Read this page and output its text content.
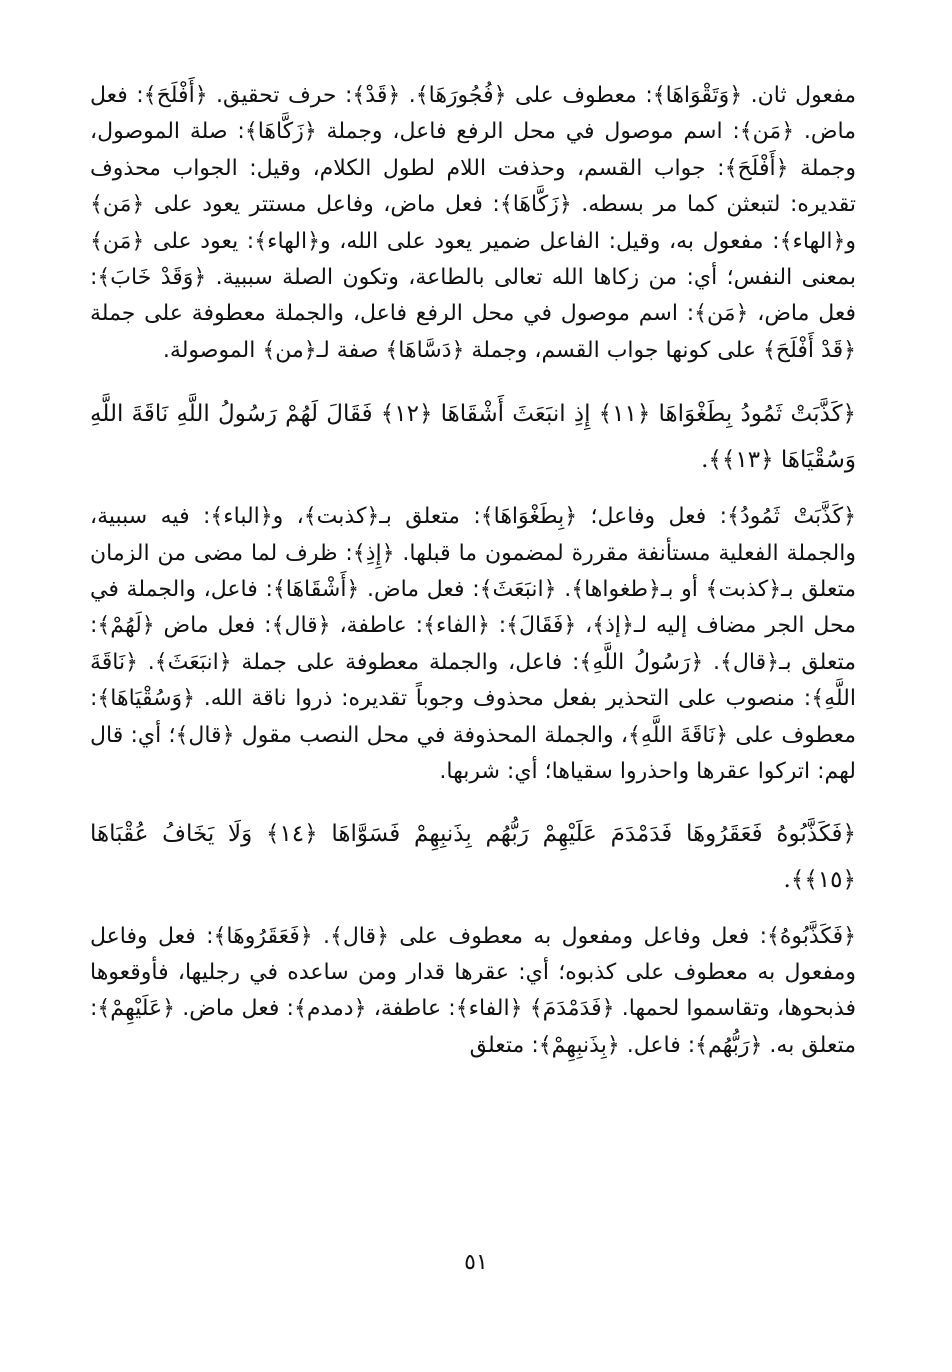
مفعول ثان. ﴿وَتَقْوَاهَا﴾: معطوف على ﴿فُجُورَهَا﴾. ﴿قَدْ﴾: حرف تحقيق. ﴿أَفْلَحَ﴾: فعل ماض. ﴿مَن﴾: اسم موصول في محل الرفع فاعل، وجملة ﴿زَكَّاهَا﴾: صلة الموصول، وجملة ﴿أَفْلَحَ﴾: جواب القسم، وحذفت اللام لطول الكلام، وقيل: الجواب محذوف تقديره: لتبعثن كما مر بسطه. ﴿زَكَّاهَا﴾: فعل ماض، وفاعل مستتر يعود على ﴿مَن﴾ و﴿الهاء﴾: مفعول به، وقيل: الفاعل ضمير يعود على الله، و﴿الهاء﴾: يعود على ﴿مَن﴾ بمعنى النفس؛ أي: من زكاها الله تعالى بالطاعة، وتكون الصلة سببية. ﴿وَقَدْ خَابَ﴾: فعل ماض، ﴿مَن﴾: اسم موصول في محل الرفع فاعل، والجملة معطوفة على جملة ﴿قَدْ أَفْلَحَ﴾ على كونها جواب القسم، وجملة ﴿دَسَّاهَا﴾ صفة لـ﴿من﴾ الموصولة.

﴿كَذَّبَتْ ثَمُودُ بِطَغْوَاهَا ﴿١١﴾ إِذِ انبَعَثَ أَشْقَاهَا ﴿١٢﴾ فَقَالَ لَهُمْ رَسُولُ اللَّهِ نَاقَةَ اللَّهِ وَسُقْيَاهَا ﴿١٣﴾﴾.

﴿كَذَّبَتْ ثَمُودُ﴾: فعل وفاعل؛ ﴿بِطَغْوَاهَا﴾: متعلق بـ﴿كذبت﴾، و﴿الباء﴾: فيه سببية، والجملة الفعلية مستأنفة مقررة لمضمون ما قبلها. ﴿إِذِ﴾: ظرف لما مضى من الزمان متعلق بـ﴿كذبت﴾ أو بـ﴿طغواها﴾. ﴿انبَعَثَ﴾: فعل ماض. ﴿أَشْقَاهَا﴾: فاعل، والجملة في محل الجر مضاف إليه لـ﴿إذ﴾، ﴿فَقَالَ﴾: ﴿الفاء﴾: عاطفة، ﴿قال﴾: فعل ماض ﴿لَهُمْ﴾: متعلق بـ﴿قال﴾. ﴿رَسُولُ اللَّهِ﴾: فاعل، والجملة معطوفة على جملة ﴿انبَعَثَ﴾. ﴿نَاقَةَ اللَّهِ﴾: منصوب على التحذير بفعل محذوف وجوباً تقديره: ذروا ناقة الله. ﴿وَسُقْيَاهَا﴾: معطوف على ﴿نَاقَةَ اللَّهِ﴾، والجملة المحذوفة في محل النصب مقول ﴿قال﴾؛ أي: قال لهم: اتركوا عقرها واحذروا سقياها؛ أي: شربها.

﴿فَكَذَّبُوهُ فَعَقَرُوهَا فَدَمْدَمَ عَلَيْهِمْ رَبُّهُم بِذَنبِهِمْ فَسَوَّاهَا ﴿١٤﴾ وَلَا يَخَافُ عُقْبَاهَا ﴿١٥﴾﴾.

﴿فَكَذَّبُوهُ﴾: فعل وفاعل ومفعول به معطوف على ﴿قال﴾. ﴿فَعَقَرُوهَا﴾: فعل وفاعل ومفعول به معطوف على كذبوه؛ أي: عقرها قدار ومن ساعده في رجليها، فأوقعوها فذبحوها، وتقاسموا لحمها. ﴿فَدَمْدَمَ﴾ ﴿الفاء﴾: عاطفة، ﴿دمدم﴾: فعل ماض. ﴿عَلَيْهِمْ﴾: متعلق به. ﴿رَبُّهُم﴾: فاعل. ﴿بِذَنبِهِمْ﴾: متعلق

٥١
